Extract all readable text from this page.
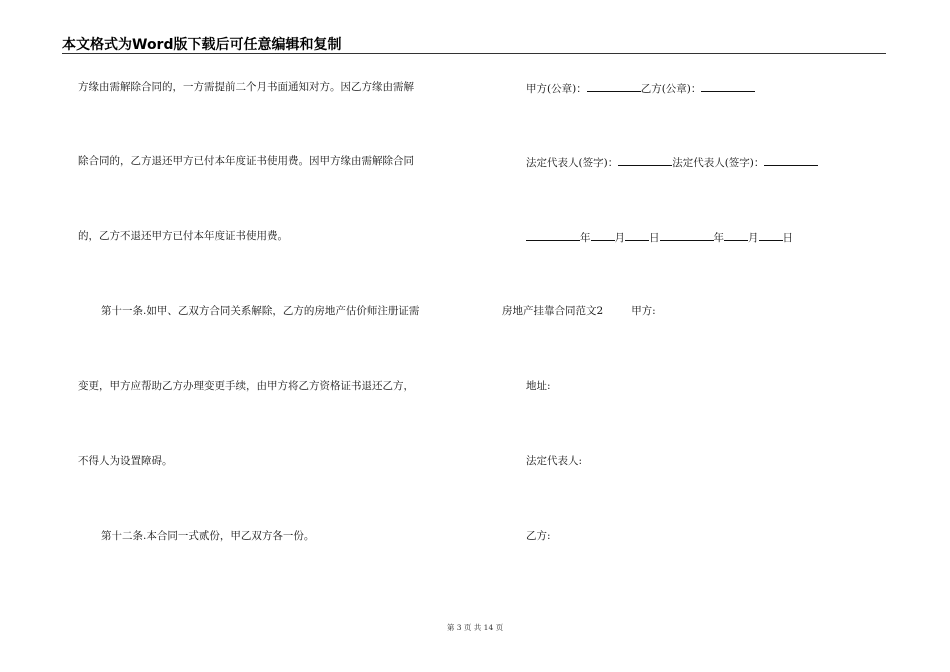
本文格式为Word版下载后可任意编辑和复制
方缘由需解除合同的，一方需提前二个月书面通知对方。因乙方缘由需解
除合同的，乙方退还甲方已付本年度证书使用费。因甲方缘由需解除合同
的，乙方不退还甲方已付本年度证书使用费。
第十一条.如甲、乙双方合同关系解除，乙方的房地产估价师注册证需
变更，甲方应帮助乙方办理变更手续，由甲方将乙方资格证书退还乙方，
不得人为设置障碍。
第十二条.本合同一式贰份，甲乙双方各一份。
甲方(公章)：	乙方(公章)：
法定代表人(签字)：	法定代表人(签字)：
年 月 日	年 月 日
房地产挂靠合同范文2	甲方:
地址:
法定代表人:
乙方:
第 3 页 共 14 页
